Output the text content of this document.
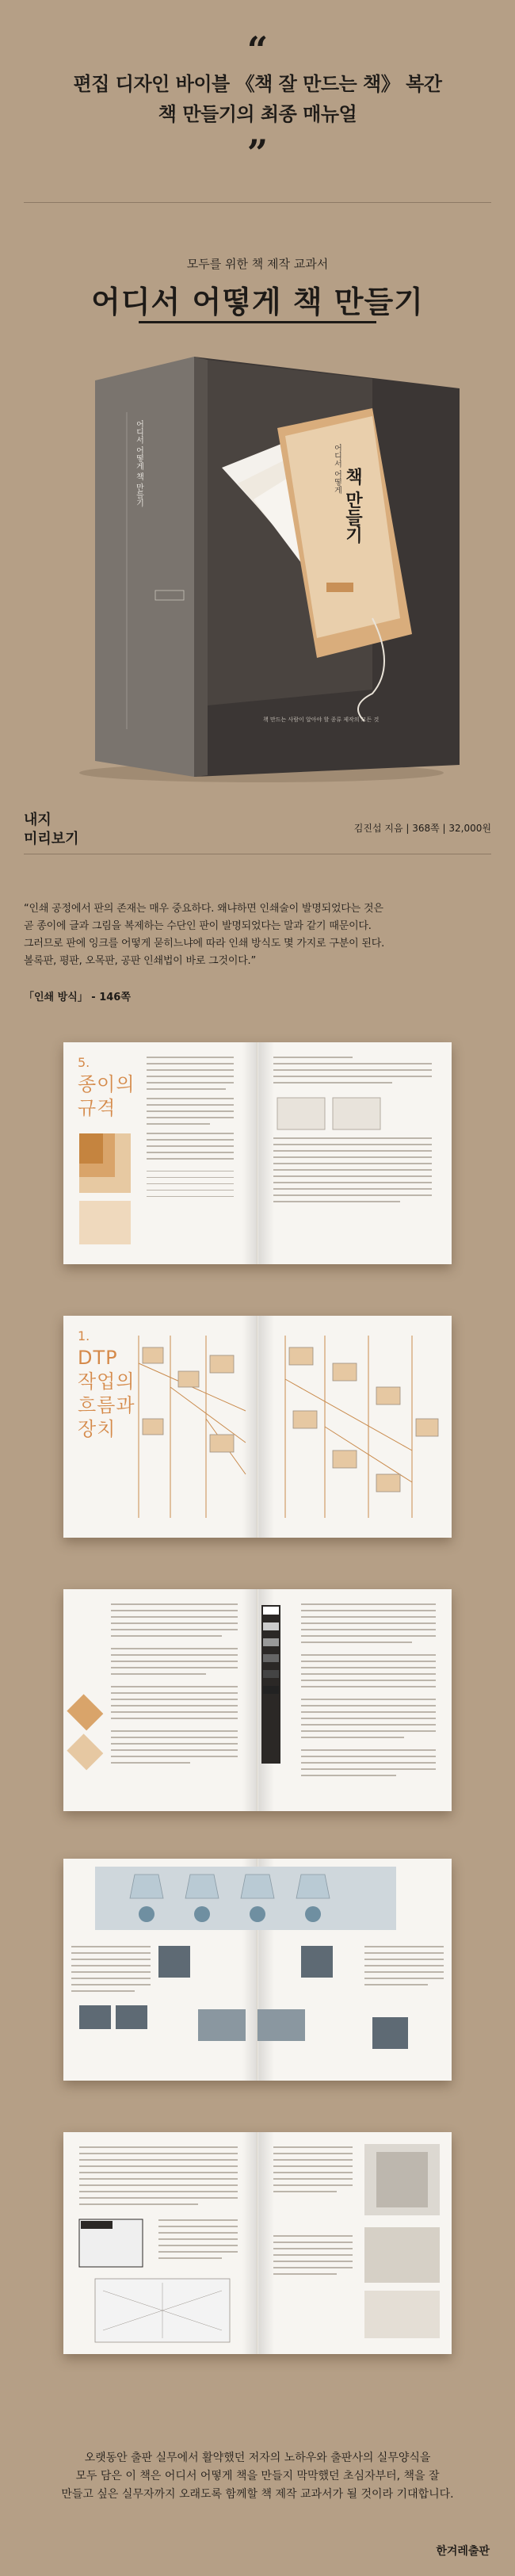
“
편집 디자인 바이블 《책 잘 만드는 책》 복간
책 만들기의 최종 매뉴얼
”
모두를 위한 책 제작 교과서
어디서 어떻게 책 만들기
어디서 어떻게 책 만들기	책 만들기
어디서 어떻게
책 만드는 사람이 알아야 할 종류 제작의 모든 것
내지
미리보기
김진섭 지음 | 368쪽 | 32,000원
“인쇄 공정에서 판의 존재는 매우 중요하다. 왜냐하면 인쇄술이 발명되었다는 것은
곧 종이에 글과 그림을 복제하는 수단인 판이 발명되었다는 말과 같기 때문이다.
그러므로 판에 잉크를 어떻게 묻히느냐에 따라 인쇄 방식도 몇 가지로 구분이 된다.
볼록판, 평판, 오목판, 공판 인쇄법이 바로 그것이다.”
「인쇄 방식」 - 146쪽
5.
종이의
규격
1.
DTP
작업의
흐름과
장치
오랫동안 출판 실무에서 활약했던 저자의 노하우와 출판사의 실무양식을
모두 담은 이 책은 어디서 어떻게 책을 만들지 막막했던 초심자부터, 책을 잘
만들고 싶은 실무자까지 오래도록 함께할 책 제작 교과서가 될 것이라 기대합니다.
한겨레출판
